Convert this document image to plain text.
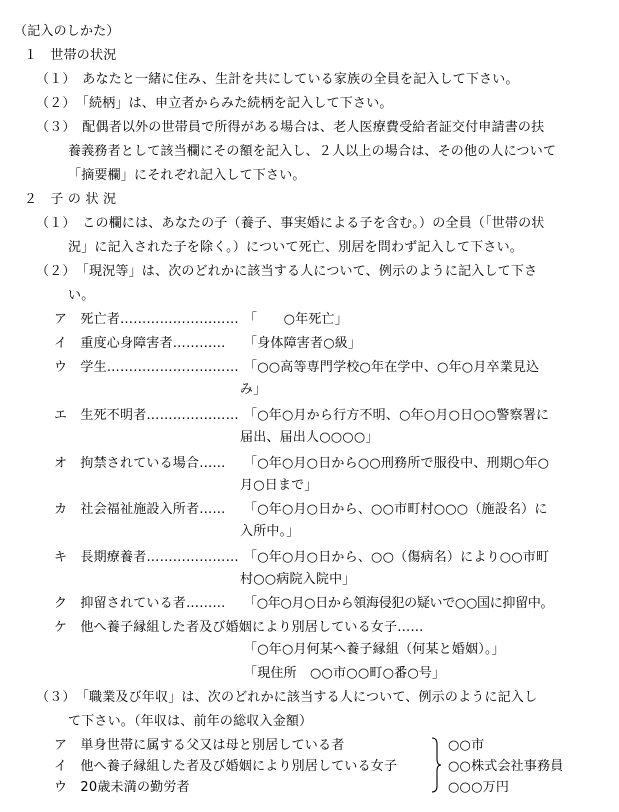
（記入のしかた）
１　世帯の状況
（１）　あなたと一緒に住み、生計を共にしている家族の全員を記入して下さい。
（２）　「続柄」は、申立者からみた続柄を記入して下さい。
（３）　配偶者以外の世帯員で所得がある場合は、老人医療費受給者証交付申請書の扶
養義務者として該当欄にその額を記入し、２人以上の場合は、その他の人について
「摘要欄」にそれぞれ記入して下さい。
２　子 の 状 況
（１）　この欄には、あなたの子（養子、事実婚による子を含む。）の全員（「世帯の状
況」に記入された子を除く。）について死亡、別居を問わず記入して下さい。
（２）　「現況等」は、次のどれかに該当する人について、例示のように記入して下さ
い。
ア　死亡者……………………… 「　　○年死亡」
イ　重度心身障害者………… 「身体障害者○級」
ウ　学生………………………… 「○○高等専門学校○年在学中、○年○月卒業見込
み」
エ　生死不明者………………… 「○年○月から行方不明、○年○月○日○○警察署に
届出、届出人○○○○」
オ　拘禁されている場合…… 「○年○月○日から○○刑務所で服役中、刑期○年○
月○日まで」
カ　社会福祉施設入所者…… 「○年○月○日から、○○市町村○○○（施設名）に
入所中。」
キ　長期療養者………………… 「○年○月○日から、○○（傷病名）により○○市町
村○○病院入院中」
ク　抑留されている者……… 「○年○月○日から領海侵犯の疑いで○○国に抑留中。
ケ　他へ養子縁組した者及び婚姻により別居している女子……
「○年○月何某へ養子縁組（何某と婚姻）。」
「現住所　○○市○○町○番○号」
（３）　「職業及び年収」は、次のどれかに該当する人について、例示のように記入し
て下さい。（年収は、前年の総収入金額）
ア　単身世帯に属する父又は母と別居している者
イ　他へ養子縁組した者及び婚姻により別居している女子
ウ　20歳未満の勤労者
○○市
○○株式会社事務員
○○○万円
